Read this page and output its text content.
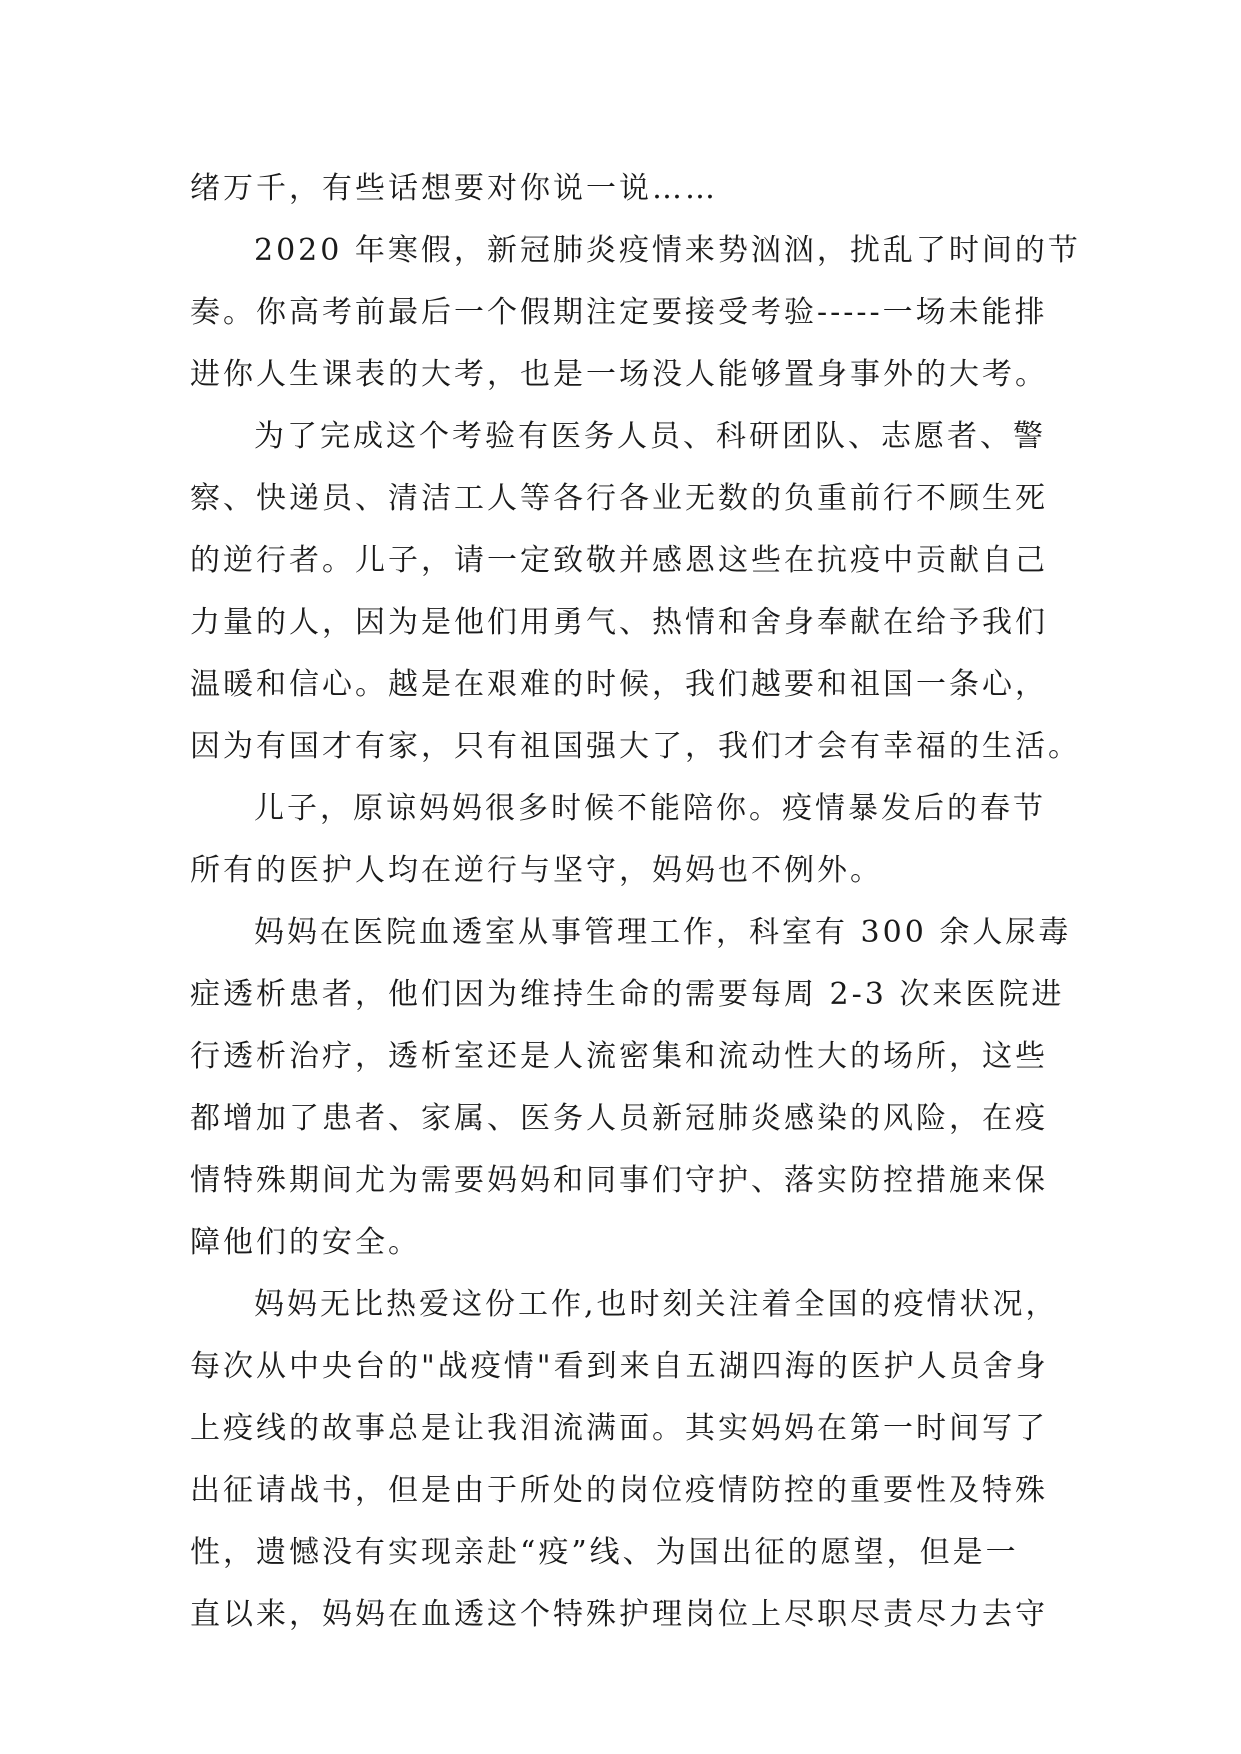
绪万千，有些话想要对你说一说……
2020 年寒假，新冠肺炎疫情来势汹汹，扰乱了时间的节
奏。你高考前最后一个假期注定要接受考验-----一场未能排
进你人生课表的大考，也是一场没人能够置身事外的大考。
为了完成这个考验有医务人员、科研团队、志愿者、警
察、快递员、清洁工人等各行各业无数的负重前行不顾生死
的逆行者。儿子，请一定致敬并感恩这些在抗疫中贡献自己
力量的人，因为是他们用勇气、热情和舍身奉献在给予我们
温暖和信心。越是在艰难的时候，我们越要和祖国一条心，
因为有国才有家，只有祖国强大了，我们才会有幸福的生活。
儿子，原谅妈妈很多时候不能陪你。疫情暴发后的春节
所有的医护人均在逆行与坚守，妈妈也不例外。
妈妈在医院血透室从事管理工作，科室有 300 余人尿毒
症透析患者，他们因为维持生命的需要每周 2-3 次来医院进
行透析治疗，透析室还是人流密集和流动性大的场所，这些
都增加了患者、家属、医务人员新冠肺炎感染的风险，在疫
情特殊期间尤为需要妈妈和同事们守护、落实防控措施来保
障他们的安全。
妈妈无比热爱这份工作,也时刻关注着全国的疫情状况，
每次从中央台的"战疫情"看到来自五湖四海的医护人员舍身
上疫线的故事总是让我泪流满面。其实妈妈在第一时间写了
出征请战书，但是由于所处的岗位疫情防控的重要性及特殊
性，遗憾没有实现亲赴“疫”线、为国出征的愿望，但是一
直以来，妈妈在血透这个特殊护理岗位上尽职尽责尽力去守
